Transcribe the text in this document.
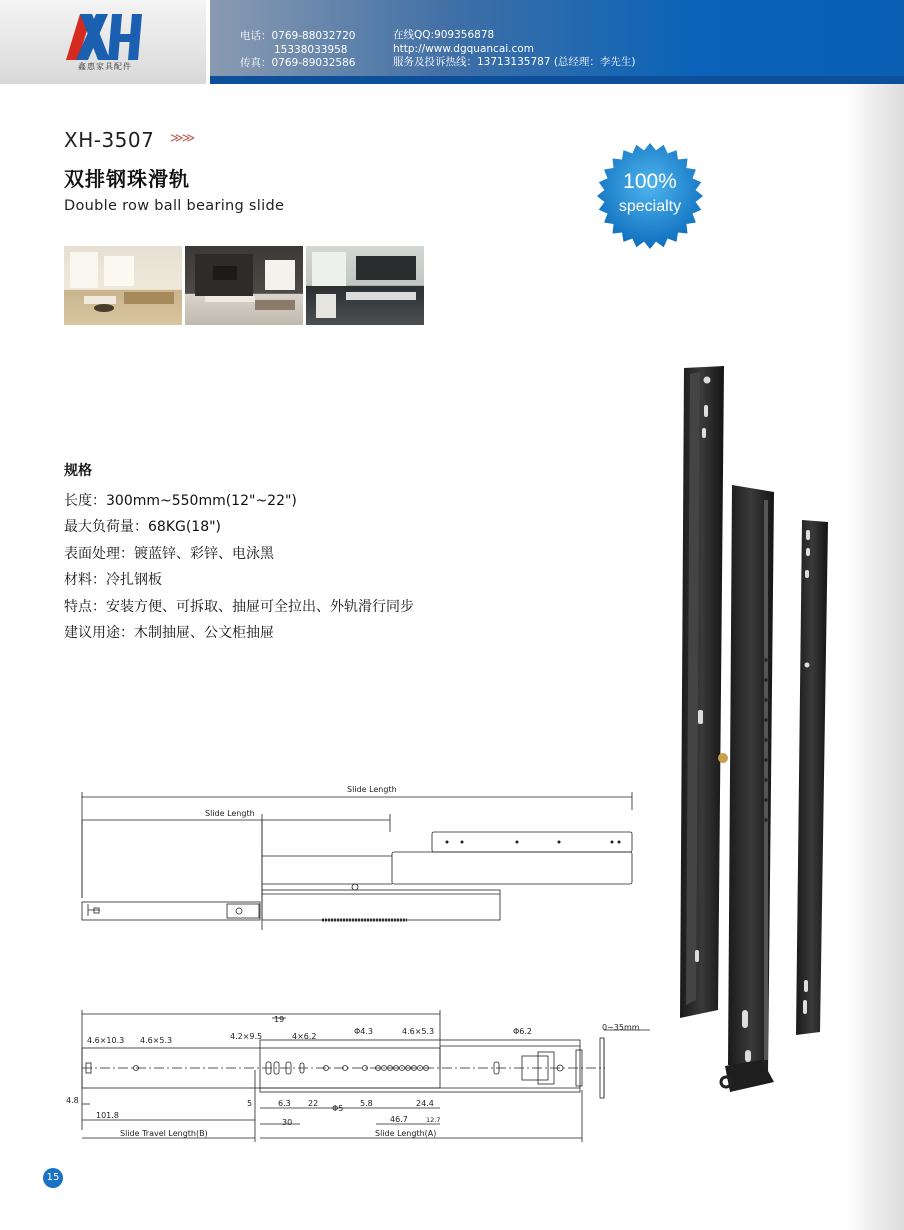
鑫惠家具配件
电话：0769-88032720
15338033958
传真：0769-89032586
在线QQ:909356878
http://www.dgquancai.com
服务及投诉热线：13713135787 (总经理：李先生)
XH-3507 ≫≫
双排钢珠滑轨
Double row ball bearing slide
100%
specialty
规格
长度：300mm~550mm(12"~22")
最大负荷量：68KG(18")
表面处理：镀蓝锌、彩锌、电泳黑
材料：冷扎钢板
特点：安装方便、可拆取、抽屉可全拉出、外轨滑行同步
建议用途：木制抽屉、公文柜抽屉
Slide Length
Slide Length
4.6×10.3 4.6×5.3	4.2×9.5
19
4×6.2
Φ4.3	4.6×5.3	Φ6.2	0~35mm
4.8
101.8
5	6.3 22
Φ5
5.8	24.4
30	46.7	12.7
Slide Travel Length(B)	Slide Length(A)
15
